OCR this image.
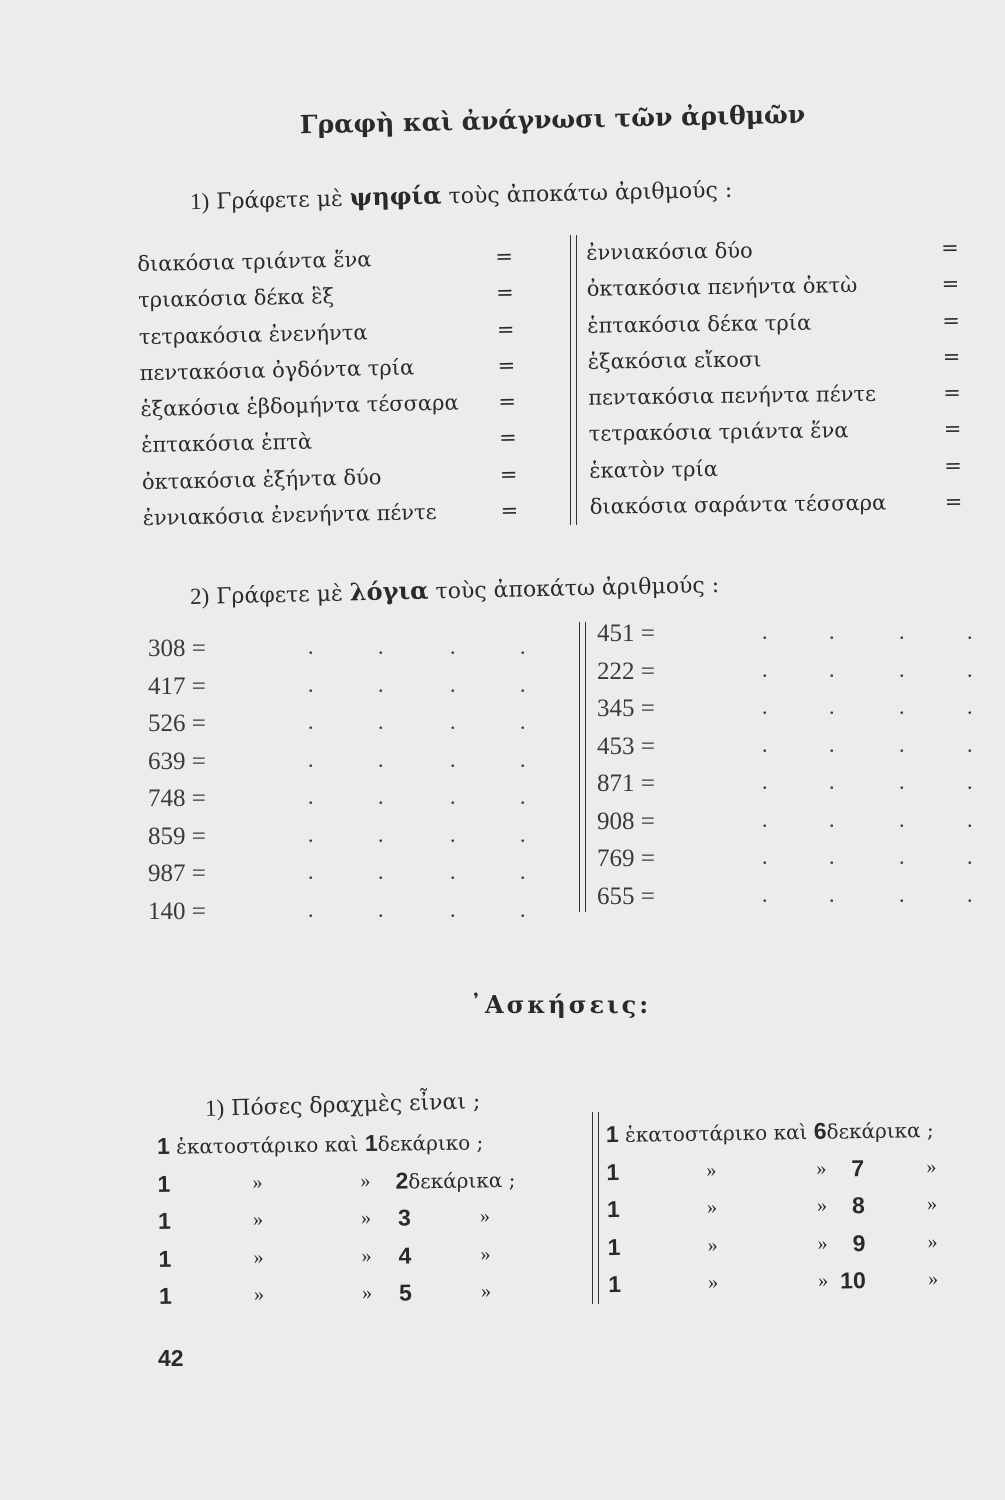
Γραφὴ καὶ ἀνάγνωσι τῶν ἀριθμῶν
1) Γράφετε μὲ ψηφία τοὺς ἀποκάτω ἀριθμούς :
διακόσια τριάντα ἕνα	=
τριακόσια δέκα ἓξ	=
τετρακόσια ἐνενήντα	=
πεντακόσια ὀγδόντα τρία	=
ἑξακόσια ἑβδομήντα τέσσαρα =
ἑπτακόσια ἑπτὰ	=
ὀκτακόσια ἑξήντα δύο	=
ἐννιακόσια ἐνενήντα πέντε	=
ἐννιακόσια δύο	=
ὀκτακόσια πενήντα ὀκτὼ	=
ἑπτακόσια δέκα τρία	=
ἑξακόσια εἴκοσι	=
πεντακόσια πενήντα πέντε	=
τετρακόσια τριάντα ἕνα	=
ἑκατὸν τρία	=
διακόσια σαράντα τέσσαρα	=
2) Γράφετε μὲ λόγια τοὺς ἀποκάτω ἀριθμούς :
308 =	.	.	.	.
417 =	.	.	.	.
526 =	.	.	.	.
639 =	.	.	.	.
748 =	.	.	.	.
859 =	.	.	.	.
987 =	.	.	.	.
140 =	.	.	.	.
451 =	.	.	.	.
222 =	.	.	.	.
345 =	.	.	.	.
453 =	.	.	.	.
871 =	.	.	.	.
908 =	.	.	.	.
769 =	.	.	.	.
655 =	.	.	.	.
᾿Ασκήσεις:
1) Πόσες δραχμὲς εἶναι ;
1 ἑκατοστάρικο καὶ 1δεκάρικο ;
1	»	» 2δεκάρικα ;
1	»	» 3	»
1	»	» 4	»
1	»	» 5	»
1 ἑκατοστάρικο καὶ 6δεκάρικα ;
1	»	» 7	»
1	»	» 8	»
1	»	» 9	»
1	»	» 10	»
42
